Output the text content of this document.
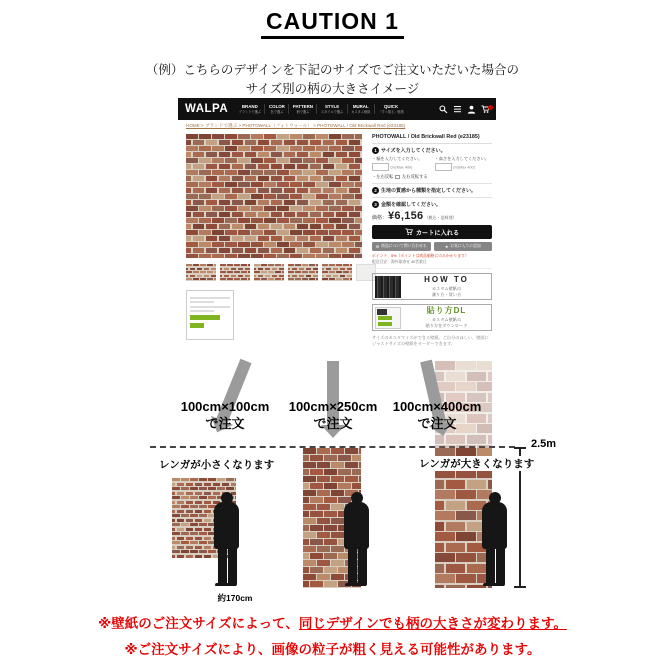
CAUTION 1
（例）こちらのデザインを下記のサイズでご注文いただいた場合の
サイズ別の柄の大きさイメージ
WALPA	BRAND
ブランドで選ぶ
COLOR
色で選ぶ
PATTERN
柄で選ぶ
STYLE
スタイルで選ぶ
MURAL
カスタム壁紙
QUICK
「すぐ貼る」壁紙
HOME > ブランドで選ぶ > PHOTOWALL（フォトウォール） > PHOTOWALL / Old Brickwall Red (e23185)
PHOTOWALL / Old Brickwall Red (e23185)
1 サイズを入力してください。
・幅を入力してください。
cm(Max 400)
・高さを入力してください。
cm(Max 400)
・左右反転 左右反転する
2 生地の質感から種類を指定してください。
3 金額を確認してください。
価格： ¥6,156 （税込・送料別）
カートに入れる
✉ 商品について問い合わせる	★ お気に入りに追加
ポイント：5%（ポイントは商品価格にのみかかります）
配送目安：海外取寄せ 40営業日
HOW TO
カスタム壁紙の
測り方・買い方
貼り方DL
カスタム壁紙の
貼り方をダウンロード
サイズのカスタマイズができる壁紙。ご自分のほしい、壁面にジャストサイズの壁紙をオーダーできます。
100cm×100cm
で注文
100cm×250cm
で注文
100cm×400cm
で注文
2.5m
レンガが小さくなります	レンガが大きくなります
約170cm
※壁紙のご注文サイズによって、同じデザインでも柄の大きさが変わります。
※ご注文サイズにより、画像の粒子が粗く見える可能性があります。
